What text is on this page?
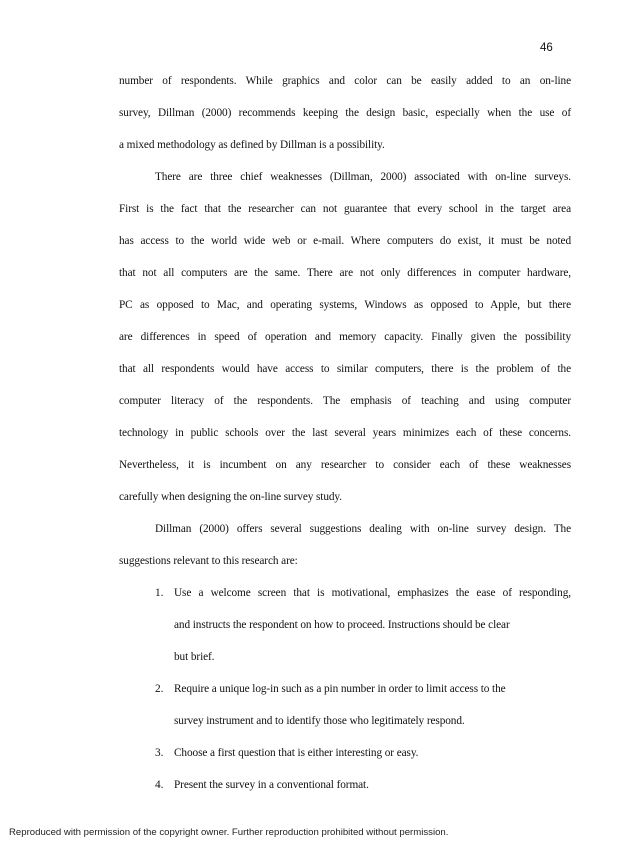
46
number of respondents. While graphics and color can be easily added to an on-line
survey, Dillman (2000) recommends keeping the design basic, especially when the use of
a mixed methodology as defined by Dillman is a possibility.
There are three chief weaknesses (Dillman, 2000) associated with on-line surveys.
First is the fact that the researcher can not guarantee that every school in the target area
has access to the world wide web or e-mail. Where computers do exist, it must be noted
that not all computers are the same. There are not only differences in computer hardware,
PC as opposed to Mac, and operating systems, Windows as opposed to Apple, but there
are differences in speed of operation and memory capacity. Finally given the possibility
that all respondents would have access to similar computers, there is the problem of the
computer literacy of the respondents. The emphasis of teaching and using computer
technology in public schools over the last several years minimizes each of these concerns.
Nevertheless, it is incumbent on any researcher to consider each of these weaknesses
carefully when designing the on-line survey study.
Dillman (2000) offers several suggestions dealing with on-line survey design. The
suggestions relevant to this research are:
1. Use a welcome screen that is motivational, emphasizes the ease of responding,
and instructs the respondent on how to proceed. Instructions should be clear
but brief.
2. Require a unique log-in such as a pin number in order to limit access to the
survey instrument and to identify those who legitimately respond.
3. Choose a first question that is either interesting or easy.
4. Present the survey in a conventional format.
Reproduced with permission of the copyright owner. Further reproduction prohibited without permission.
